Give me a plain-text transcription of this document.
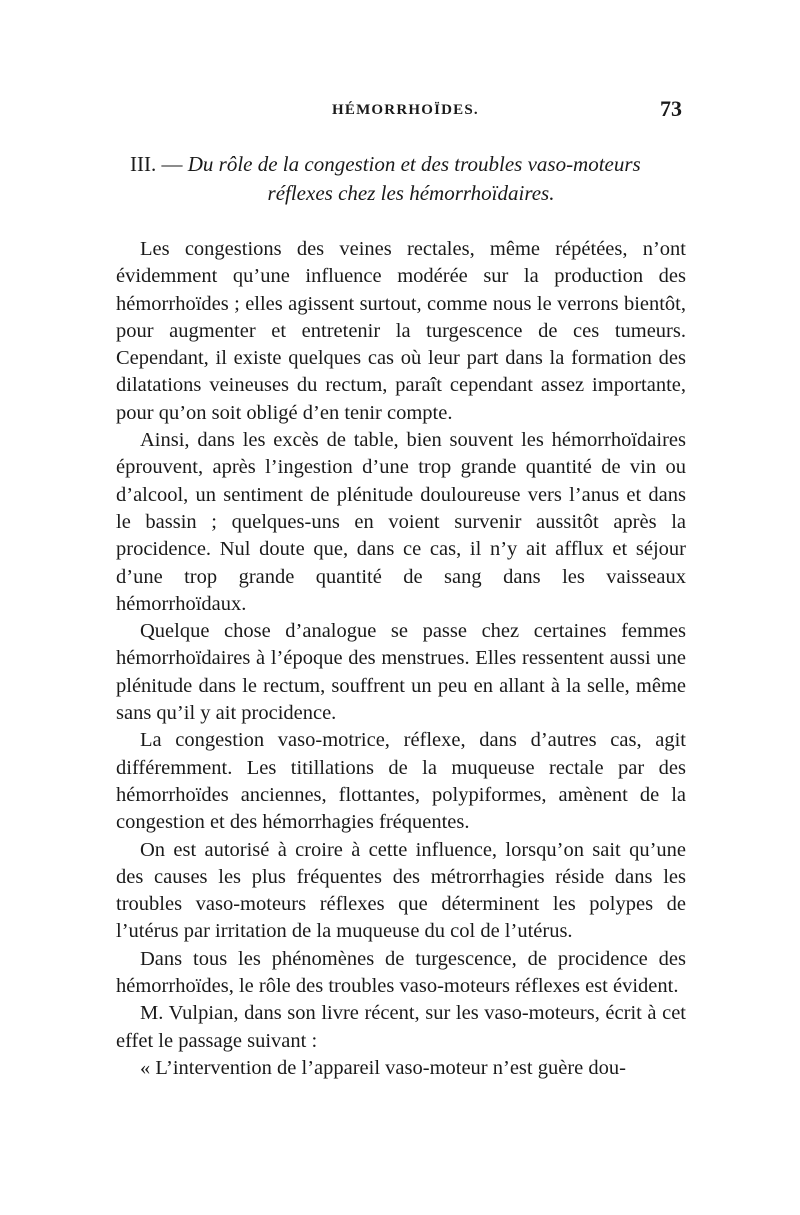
HÉMORRHOÏDES.	73
III. — Du rôle de la congestion et des troubles vaso-moteurs
réflexes chez les hémorrhoïdaires.

Les congestions des veines rectales, même répétées, n’ont évidemment qu’une influence modérée sur la production des hémorrhoïdes ; elles agissent surtout, comme nous le verrons bientôt, pour augmenter et entretenir la turgescence de ces tumeurs. Cependant, il existe quelques cas où leur part dans la formation des dilatations veineuses du rectum, paraît cependant assez importante, pour qu’on soit obligé d’en tenir compte.

Ainsi, dans les excès de table, bien souvent les hémorrhoïdaires éprouvent, après l’ingestion d’une trop grande quantité de vin ou d’alcool, un sentiment de plénitude douloureuse vers l’anus et dans le bassin ; quelques-uns en voient survenir aussitôt après la procidence. Nul doute que, dans ce cas, il n’y ait afflux et séjour d’une trop grande quantité de sang dans les vaisseaux hémorrhoïdaux.

Quelque chose d’analogue se passe chez certaines femmes hémorrhoïdaires à l’époque des menstrues. Elles ressentent aussi une plénitude dans le rectum, souffrent un peu en allant à la selle, même sans qu’il y ait procidence.

La congestion vaso-motrice, réflexe, dans d’autres cas, agit différemment. Les titillations de la muqueuse rectale par des hémorrhoïdes anciennes, flottantes, polypiformes, amènent de la congestion et des hémorrhagies fréquentes.

On est autorisé à croire à cette influence, lorsqu’on sait qu’une des causes les plus fréquentes des métrorrhagies réside dans les troubles vaso-moteurs réflexes que déterminent les polypes de l’utérus par irritation de la muqueuse du col de l’utérus.

Dans tous les phénomènes de turgescence, de procidence des hémorrhoïdes, le rôle des troubles vaso-moteurs réflexes est évident.

M. Vulpian, dans son livre récent, sur les vaso-moteurs, écrit à cet effet le passage suivant :

« L’intervention de l’appareil vaso-moteur n’est guère dou-
